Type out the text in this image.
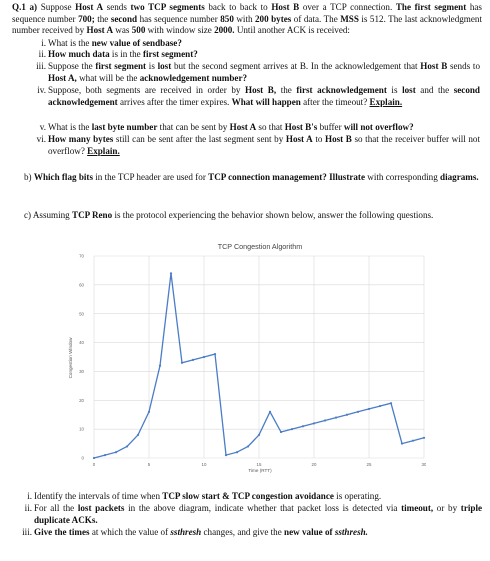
Q.1 a) Suppose Host A sends two TCP segments back to back to Host B over a TCP connection. The first segment has sequence number 700; the second has sequence number 850 with 200 bytes of data. The MSS is 512. The last acknowledgment number received by Host A was 500 with window size 2000. Until another ACK is received:
i. What is the new value of sendbase?
ii. How much data is in the first segment?
iii. Suppose the first segment is lost but the second segment arrives at B. In the acknowledgement that Host B sends to Host A, what will be the acknowledgement number?
iv. Suppose, both segments are received in order by Host B, the first acknowledgement is lost and the second acknowledgement arrives after the timer expires. What will happen after the timeout? Explain.
v. What is the last byte number that can be sent by Host A so that Host B's buffer will not overflow?
vi. How many bytes still can be sent after the last segment sent by Host A to Host B so that the receiver buffer will not overflow? Explain.
b) Which flag bits in the TCP header are used for TCP connection management? Illustrate with corresponding diagrams.
c) Assuming TCP Reno is the protocol experiencing the behavior shown below, answer the following questions.
0
10
20
30
40
50
60
70
0	5	10	15	20	25	30
TCP Congestion Algorithm
Time (RTT)
Congestion Window
i. Identify the intervals of time when TCP slow start & TCP congestion avoidance is operating.
ii. For all the lost packets in the above diagram, indicate whether that packet loss is detected via timeout, or by triple duplicate ACKs.
iii. Give the times at which the value of ssthresh changes, and give the new value of ssthresh.
